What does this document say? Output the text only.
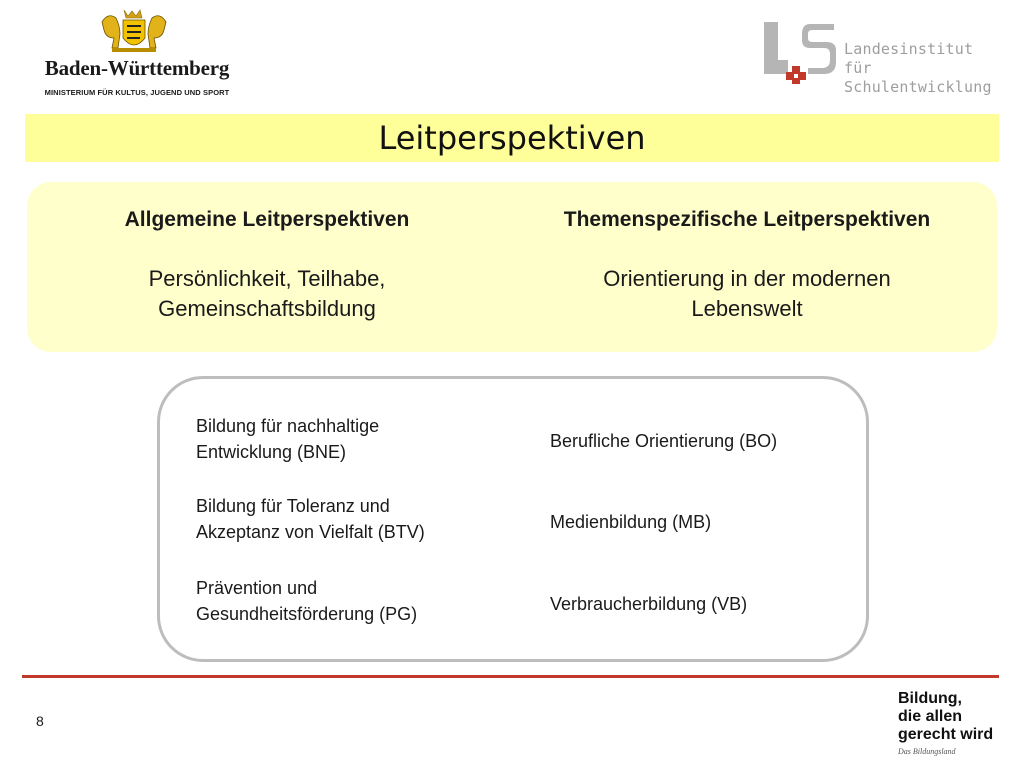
Baden-Württemberg
MINISTERIUM FÜR KULTUS, JUGEND UND SPORT
Landesinstitut
für Schulentwicklung
Leitperspektiven
Allgemeine Leitperspektiven

Persönlichkeit, Teilhabe,
Gemeinschaftsbildung

Themenspezifische Leitperspektiven

Orientierung in der modernen
Lebenswelt

Bildung für nachhaltige
Entwicklung (BNE)
Bildung für Toleranz und
Akzeptanz von Vielfalt (BTV)
Prävention und
Gesundheitsförderung (PG)
Berufliche Orientierung (BO)
Medienbildung (MB)
Verbraucherbildung (VB)
8
Bildung,
die allen
gerecht wird
Das Bildungsland
